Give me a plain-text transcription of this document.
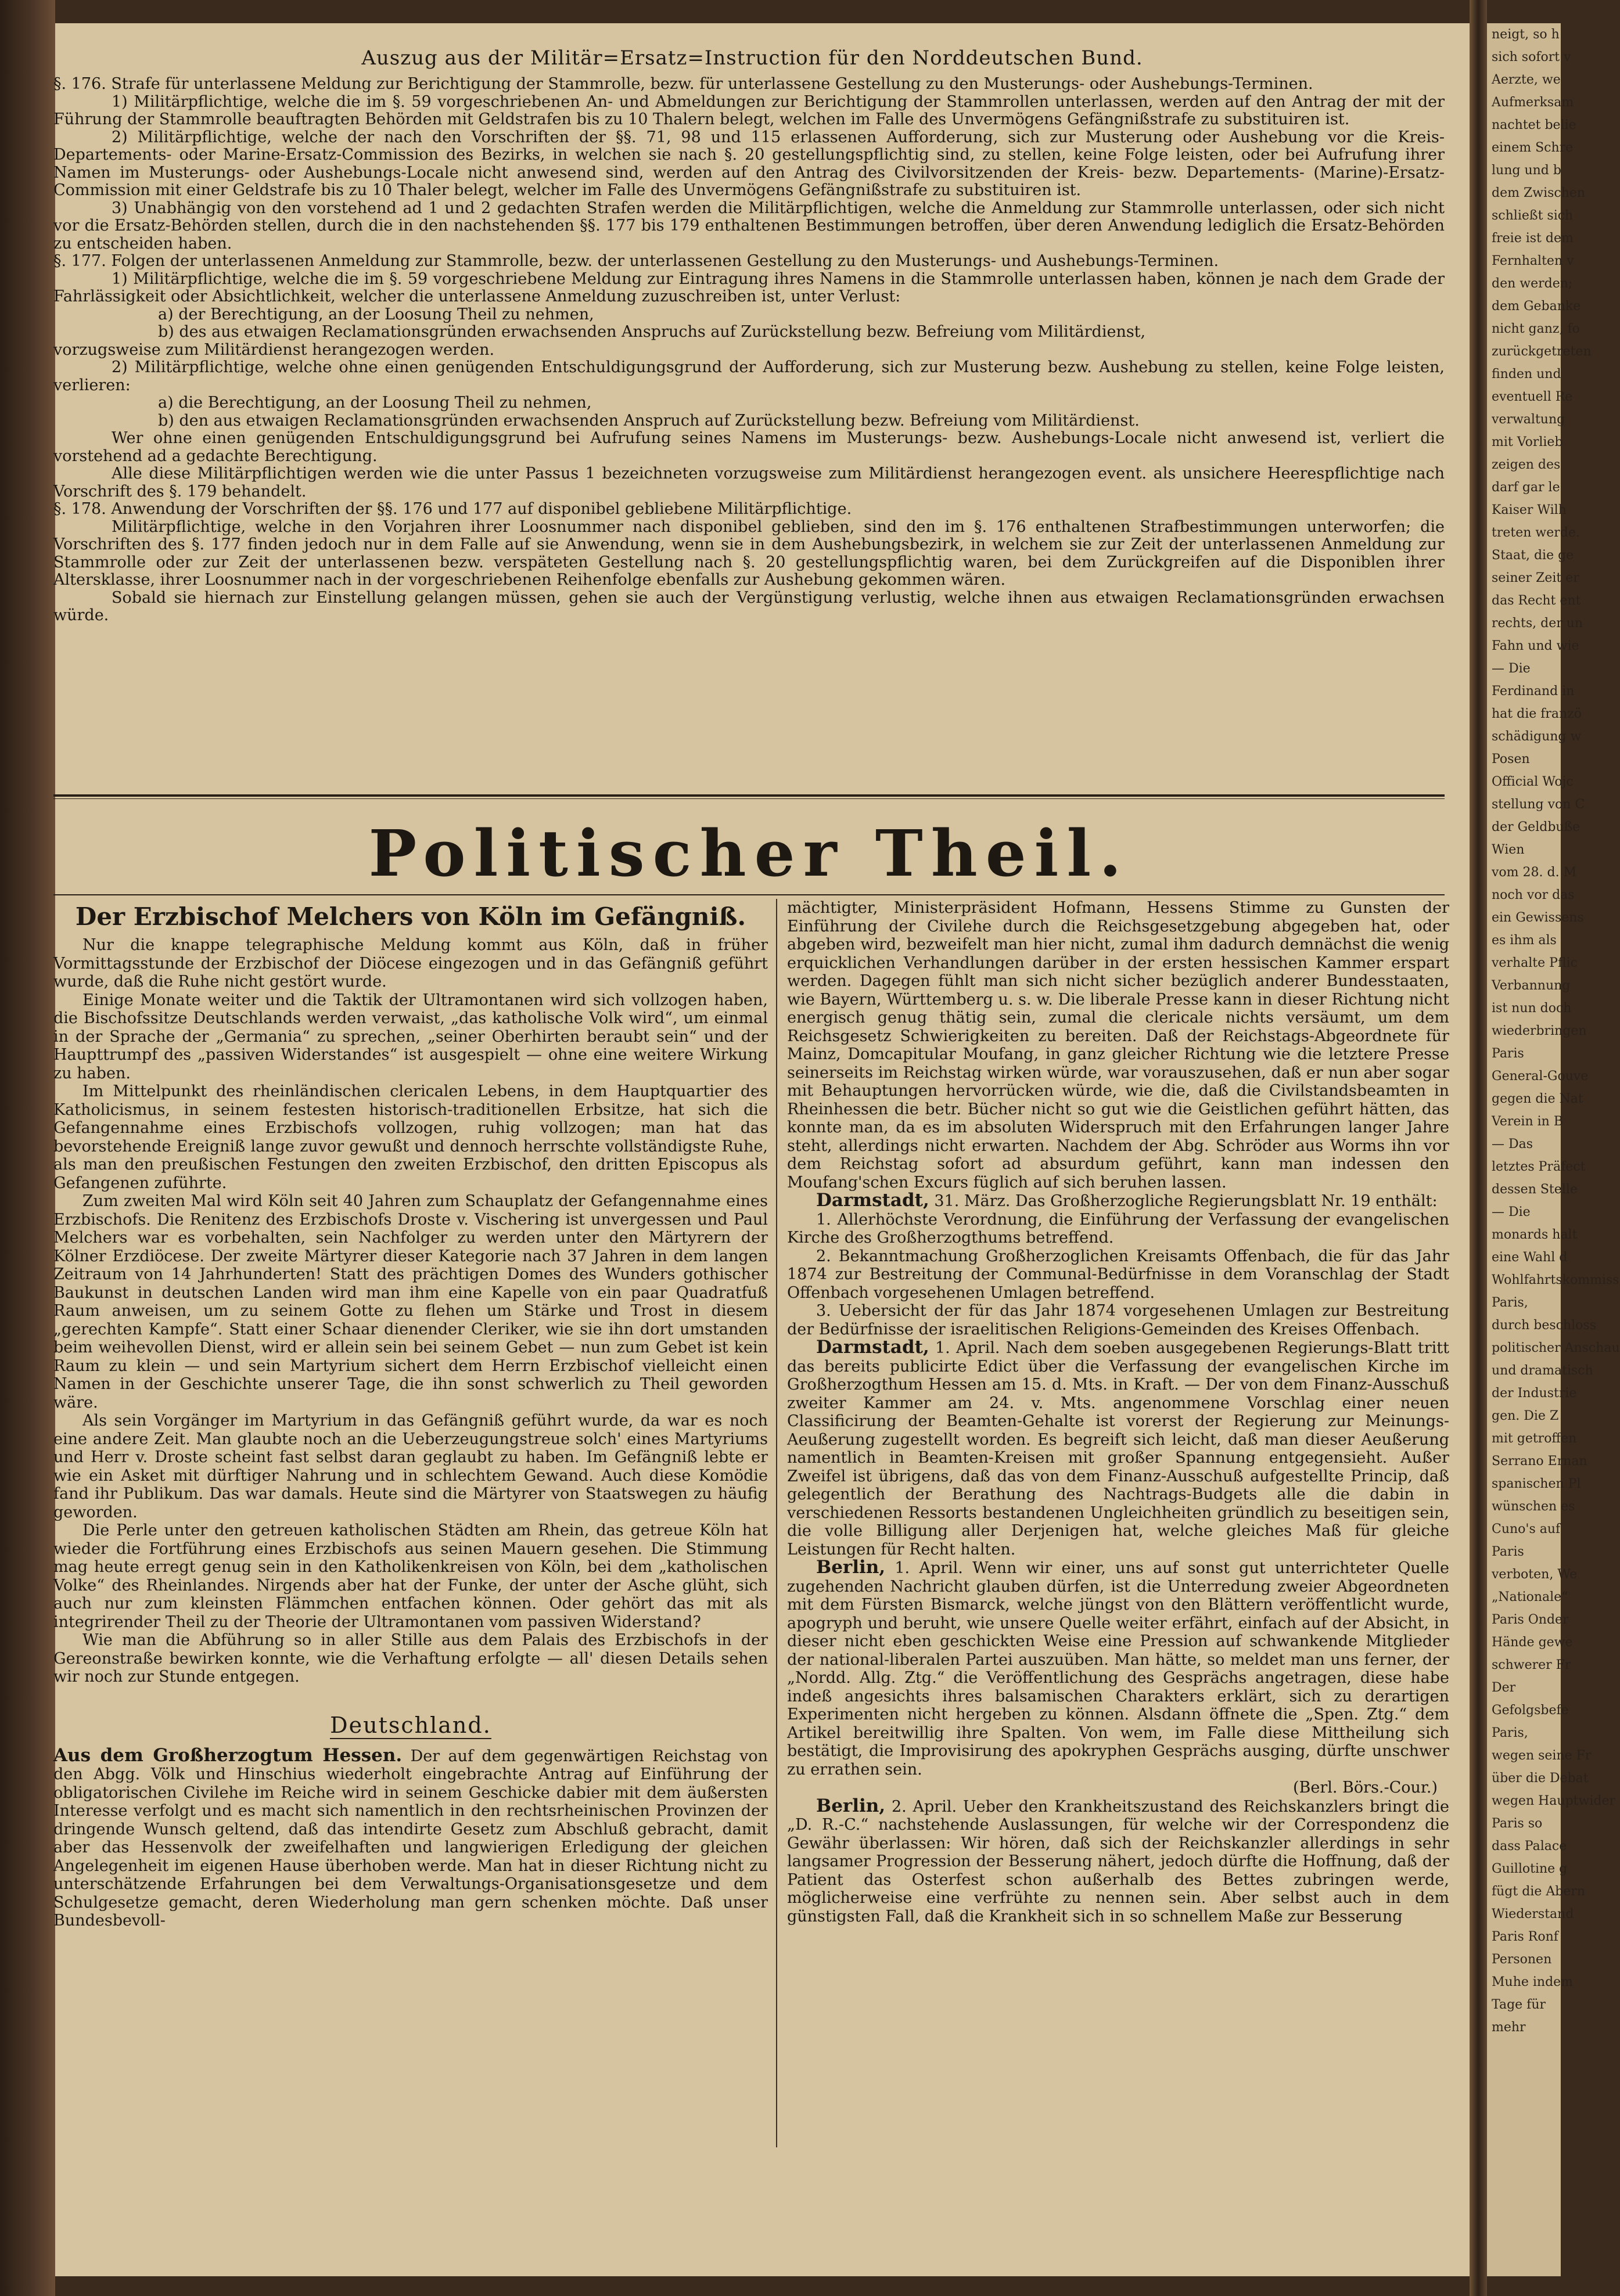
Auszug aus der Militär=Ersatz=Instruction für den Norddeutschen Bund.

§. 176. Strafe für unterlassene Meldung zur Berichtigung der Stammrolle, bezw. für unterlassene Gestellung zu den Musterungs- oder Aushebungs-Terminen.

1) Militärpflichtige, welche die im §. 59 vorgeschriebenen An- und Abmeldungen zur Berichtigung der Stammrollen unterlassen, werden auf den Antrag der mit der Führung der Stammrolle beauftragten Behörden mit Geldstrafen bis zu 10 Thalern belegt, welchen im Falle des Unvermögens Gefängnißstrafe zu substituiren ist.

2) Militärpflichtige, welche der nach den Vorschriften der §§. 71, 98 und 115 erlassenen Aufforderung, sich zur Musterung oder Aushebung vor die Kreis-Departements- oder Marine-Ersatz-Commission des Bezirks, in welchen sie nach §. 20 gestellungspflichtig sind, zu stellen, keine Folge leisten, oder bei Aufrufung ihrer Namen im Musterungs- oder Aushebungs-Locale nicht anwesend sind, werden auf den Antrag des Civilvorsitzenden der Kreis- bezw. Departements- (Marine)-Ersatz-Commission mit einer Geldstrafe bis zu 10 Thaler belegt, welcher im Falle des Unvermögens Gefängnißstrafe zu substituiren ist.

3) Unabhängig von den vorstehend ad 1 und 2 gedachten Strafen werden die Militärpflichtigen, welche die Anmeldung zur Stammrolle unterlassen, oder sich nicht vor die Ersatz-Behörden stellen, durch die in den nachstehenden §§. 177 bis 179 enthaltenen Bestimmungen betroffen, über deren Anwendung lediglich die Ersatz-Behörden zu entscheiden haben.

§. 177. Folgen der unterlassenen Anmeldung zur Stammrolle, bezw. der unterlassenen Gestellung zu den Musterungs- und Aushebungs-Terminen.

1) Militärpflichtige, welche die im §. 59 vorgeschriebene Meldung zur Eintragung ihres Namens in die Stammrolle unterlassen haben, können je nach dem Grade der Fahrlässigkeit oder Absichtlichkeit, welcher die unterlassene Anmeldung zuzuschreiben ist, unter Verlust:

a) der Berechtigung, an der Loosung Theil zu nehmen,

b) des aus etwaigen Reclamationsgründen erwachsenden Anspruchs auf Zurückstellung bezw. Befreiung vom Militärdienst,

vorzugsweise zum Militärdienst herangezogen werden.

2) Militärpflichtige, welche ohne einen genügenden Entschuldigungsgrund der Aufforderung, sich zur Musterung bezw. Aushebung zu stellen, keine Folge leisten, verlieren:

a) die Berechtigung, an der Loosung Theil zu nehmen,

b) den aus etwaigen Reclamationsgründen erwachsenden Anspruch auf Zurückstellung bezw. Befreiung vom Militärdienst.

Wer ohne einen genügenden Entschuldigungsgrund bei Aufrufung seines Namens im Musterungs- bezw. Aushebungs-Locale nicht anwesend ist, verliert die vorstehend ad a gedachte Berechtigung.

Alle diese Militärpflichtigen werden wie die unter Passus 1 bezeichneten vorzugsweise zum Militärdienst herangezogen event. als unsichere Heerespflichtige nach Vorschrift des §. 179 behandelt.

§. 178. Anwendung der Vorschriften der §§. 176 und 177 auf disponibel gebliebene Militärpflichtige.

Militärpflichtige, welche in den Vorjahren ihrer Loosnummer nach disponibel geblieben, sind den im §. 176 enthaltenen Strafbestimmungen unterworfen; die Vorschriften des §. 177 finden jedoch nur in dem Falle auf sie Anwendung, wenn sie in dem Aushebungsbezirk, in welchem sie zur Zeit der unterlassenen Anmeldung zur Stammrolle oder zur Zeit der unterlassenen bezw. verspäteten Gestellung nach §. 20 gestellungspflichtig waren, bei dem Zurückgreifen auf die Disponiblen ihrer Altersklasse, ihrer Loosnummer nach in der vorgeschriebenen Reihenfolge ebenfalls zur Aushebung gekommen wären.

Sobald sie hiernach zur Einstellung gelangen müssen, gehen sie auch der Vergünstigung verlustig, welche ihnen aus etwaigen Reclamationsgründen erwachsen würde.

Politischer Theil.
Der Erzbischof Melchers von Köln im Gefängniß.

Nur die knappe telegraphische Meldung kommt aus Köln, daß in früher Vormittagsstunde der Erzbischof der Diöcese eingezogen und in das Gefängniß geführt wurde, daß die Ruhe nicht gestört wurde.

Einige Monate weiter und die Taktik der Ultramontanen wird sich vollzogen haben, die Bischofssitze Deutschlands werden verwaist, „das katholische Volk wird“, um einmal in der Sprache der „Germania“ zu sprechen, „seiner Oberhirten beraubt sein“ und der Haupttrumpf des „passiven Widerstandes“ ist ausgespielt — ohne eine weitere Wirkung zu haben.

Im Mittelpunkt des rheinländischen clericalen Lebens, in dem Hauptquartier des Katholicismus, in seinem festesten historisch-traditionellen Erbsitze, hat sich die Gefangennahme eines Erzbischofs vollzogen, ruhig vollzogen; man hat das bevorstehende Ereigniß lange zuvor gewußt und dennoch herrschte vollständigste Ruhe, als man den preußischen Festungen den zweiten Erzbischof, den dritten Episcopus als Gefangenen zuführte.

Zum zweiten Mal wird Köln seit 40 Jahren zum Schauplatz der Gefangennahme eines Erzbischofs. Die Renitenz des Erzbischofs Droste v. Vischering ist unvergessen und Paul Melchers war es vorbehalten, sein Nachfolger zu werden unter den Märtyrern der Kölner Erzdiöcese. Der zweite Märtyrer dieser Kategorie nach 37 Jahren in dem langen Zeitraum von 14 Jahrhunderten! Statt des prächtigen Domes des Wunders gothischer Baukunst in deutschen Landen wird man ihm eine Kapelle von ein paar Quadratfuß Raum anweisen, um zu seinem Gotte zu flehen um Stärke und Trost in diesem „gerechten Kampfe“. Statt einer Schaar dienender Cleriker, wie sie ihn dort umstanden beim weihevollen Dienst, wird er allein sein bei seinem Gebet — nun zum Gebet ist kein Raum zu klein — und sein Martyrium sichert dem Herrn Erzbischof vielleicht einen Namen in der Geschichte unserer Tage, die ihn sonst schwerlich zu Theil geworden wäre.

Als sein Vorgänger im Martyrium in das Gefängniß geführt wurde, da war es noch eine andere Zeit. Man glaubte noch an die Ueberzeugungstreue solch' eines Martyriums und Herr v. Droste scheint fast selbst daran geglaubt zu haben. Im Gefängniß lebte er wie ein Asket mit dürftiger Nahrung und in schlechtem Gewand. Auch diese Komödie fand ihr Publikum. Das war damals. Heute sind die Märtyrer von Staatswegen zu häufig geworden.

Die Perle unter den getreuen katholischen Städten am Rhein, das getreue Köln hat wieder die Fortführung eines Erzbischofs aus seinen Mauern gesehen. Die Stimmung mag heute erregt genug sein in den Katholikenkreisen von Köln, bei dem „katholischen Volke“ des Rheinlandes. Nirgends aber hat der Funke, der unter der Asche glüht, sich auch nur zum kleinsten Flämmchen entfachen können. Oder gehört das mit als integrirender Theil zu der Theorie der Ultramontanen vom passiven Widerstand?

Wie man die Abführung so in aller Stille aus dem Palais des Erzbischofs in der Gereonstraße bewirken konnte, wie die Verhaftung erfolgte — all' diesen Details sehen wir noch zur Stunde entgegen.

Deutschland.

Aus dem Großherzogtum Hessen. Der auf dem gegenwärtigen Reichstag von den Abgg. Völk und Hinschius wiederholt eingebrachte Antrag auf Einführung der obligatorischen Civilehe im Reiche wird in seinem Geschicke dabier mit dem äußersten Interesse verfolgt und es macht sich namentlich in den rechtsrheinischen Provinzen der dringende Wunsch geltend, daß das intendirte Gesetz zum Abschluß gebracht, damit aber das Hessenvolk der zweifelhaften und langwierigen Erledigung der gleichen Angelegenheit im eigenen Hause überhoben werde. Man hat in dieser Richtung nicht zu unterschätzende Erfahrungen bei dem Verwaltungs-Organisationsgesetze und dem Schulgesetze gemacht, deren Wiederholung man gern schenken möchte. Daß unser Bundesbevoll-

mächtigter, Ministerpräsident Hofmann, Hessens Stimme zu Gunsten der Einführung der Civilehe durch die Reichsgesetzgebung abgegeben hat, oder abgeben wird, bezweifelt man hier nicht, zumal ihm dadurch demnächst die wenig erquicklichen Verhandlungen darüber in der ersten hessischen Kammer erspart werden. Dagegen fühlt man sich nicht sicher bezüglich anderer Bundesstaaten, wie Bayern, Württemberg u. s. w. Die liberale Presse kann in dieser Richtung nicht energisch genug thätig sein, zumal die clericale nichts versäumt, um dem Reichsgesetz Schwierigkeiten zu bereiten. Daß der Reichstags-Abgeordnete für Mainz, Domcapitular Moufang, in ganz gleicher Richtung wie die letztere Presse seinerseits im Reichstag wirken würde, war vorauszusehen, daß er nun aber sogar mit Behauptungen hervorrücken würde, wie die, daß die Civilstandsbeamten in Rheinhessen die betr. Bücher nicht so gut wie die Geistlichen geführt hätten, das konnte man, da es im absoluten Widerspruch mit den Erfahrungen langer Jahre steht, allerdings nicht erwarten. Nachdem der Abg. Schröder aus Worms ihn vor dem Reichstag sofort ad absurdum geführt, kann man indessen den Moufang'schen Excurs füglich auf sich beruhen lassen.

Darmstadt, 31. März. Das Großherzogliche Regierungsblatt Nr. 19 enthält:

1. Allerhöchste Verordnung, die Einführung der Verfassung der evangelischen Kirche des Großherzogthums betreffend.

2. Bekanntmachung Großherzoglichen Kreisamts Offenbach, die für das Jahr 1874 zur Bestreitung der Communal-Bedürfnisse in dem Voranschlag der Stadt Offenbach vorgesehenen Umlagen betreffend.

3. Uebersicht der für das Jahr 1874 vorgesehenen Umlagen zur Bestreitung der Bedürfnisse der israelitischen Religions-Gemeinden des Kreises Offenbach.

Darmstadt, 1. April. Nach dem soeben ausgegebenen Regierungs-Blatt tritt das bereits publicirte Edict über die Verfassung der evangelischen Kirche im Großherzogthum Hessen am 15. d. Mts. in Kraft. — Der von dem Finanz-Ausschuß zweiter Kammer am 24. v. Mts. angenommene Vorschlag einer neuen Classificirung der Beamten-Gehalte ist vorerst der Regierung zur Meinungs-Aeußerung zugestellt worden. Es begreift sich leicht, daß man dieser Aeußerung namentlich in Beamten-Kreisen mit großer Spannung entgegensieht. Außer Zweifel ist übrigens, daß das von dem Finanz-Ausschuß aufgestellte Princip, daß gelegentlich der Berathung des Nachtrags-Budgets alle die dabin in verschiedenen Ressorts bestandenen Ungleichheiten gründlich zu beseitigen sein, die volle Billigung aller Derjenigen hat, welche gleiches Maß für gleiche Leistungen für Recht halten.

Berlin, 1. April. Wenn wir einer, uns auf sonst gut unterrichteter Quelle zugehenden Nachricht glauben dürfen, ist die Unterredung zweier Abgeordneten mit dem Fürsten Bismarck, welche jüngst von den Blättern veröffentlicht wurde, apogryph und beruht, wie unsere Quelle weiter erfährt, einfach auf der Absicht, in dieser nicht eben geschickten Weise eine Pression auf schwankende Mitglieder der national-liberalen Partei auszuüben. Man hätte, so meldet man uns ferner, der „Nordd. Allg. Ztg.“ die Veröffentlichung des Gesprächs angetragen, diese habe indeß angesichts ihres balsamischen Charakters erklärt, sich zu derartigen Experimenten nicht hergeben zu können. Alsdann öffnete die „Spen. Ztg.“ dem Artikel bereitwillig ihre Spalten. Von wem, im Falle diese Mittheilung sich bestätigt, die Improvisirung des apokryphen Gesprächs ausging, dürfte unschwer zu errathen sein.

(Berl. Börs.-Cour.)

Berlin, 2. April. Ueber den Krankheitszustand des Reichskanzlers bringt die „D. R.-C.“ nachstehende Auslassungen, für welche wir der Correspondenz die Gewähr überlassen: Wir hören, daß sich der Reichskanzler allerdings in sehr langsamer Progression der Besserung nähert, jedoch dürfte die Hoffnung, daß der Patient das Osterfest schon außerhalb des Bettes zubringen werde, möglicherweise eine verfrühte zu nennen sein. Aber selbst auch in dem günstigsten Fall, daß die Krankheit sich in so schnellem Maße zur Besserung

neigt, so h

sich sofort v

Aerzte, we

Aufmerksam

nachtet belie

einem Schre

lung und b

dem Zwischen

schließt sich

freie ist dem

Fernhalten v

den werden;

dem Gebanke

nicht ganz, fo

zurückgetreten

finden und

eventuell Re

verwaltung

mit Vorlieb

zeigen des

darf gar le

Kaiser Wilh

treten werde.

Staat, die ge

seiner Zeit er

das Recht ent

rechts, der un

Fahn und wie

— Die

Ferdinand in

hat die franzö

schädigung w

Posen

Official Wojc

stellung von C

der Geldbuße

Wien

vom 28. d. M

noch vor das

ein Gewissens

es ihm als

verhalte Pflic

Verbannung

ist nun doch

wiederbringen

Paris

General-Gouve

gegen die Nat

Verein in B

— Das

letztes Präfect

dessen Stelle

— Die

monards halt

eine Wahl d

Wohlfahrtskommiss

Paris,

durch beschloss

politischer Anschau

und dramatisch

der Industrie

gen. Die Z

mit getroffen

Serrano Ernan

spanischen Pl

wünschen es

Cuno's auf

Paris

verboten, We

„Nationale“

Paris Onder

Hände gewe

schwerer Fr

Der

Gefolgsbefe

Paris,

wegen seine Fr

über die Debat

wegen Hauptwider

Paris so

dass Palace

Guillotine g

fügt die Abern

Wiederstand

Paris Ronf

Personen

Muhe indem

Tage für

mehr
